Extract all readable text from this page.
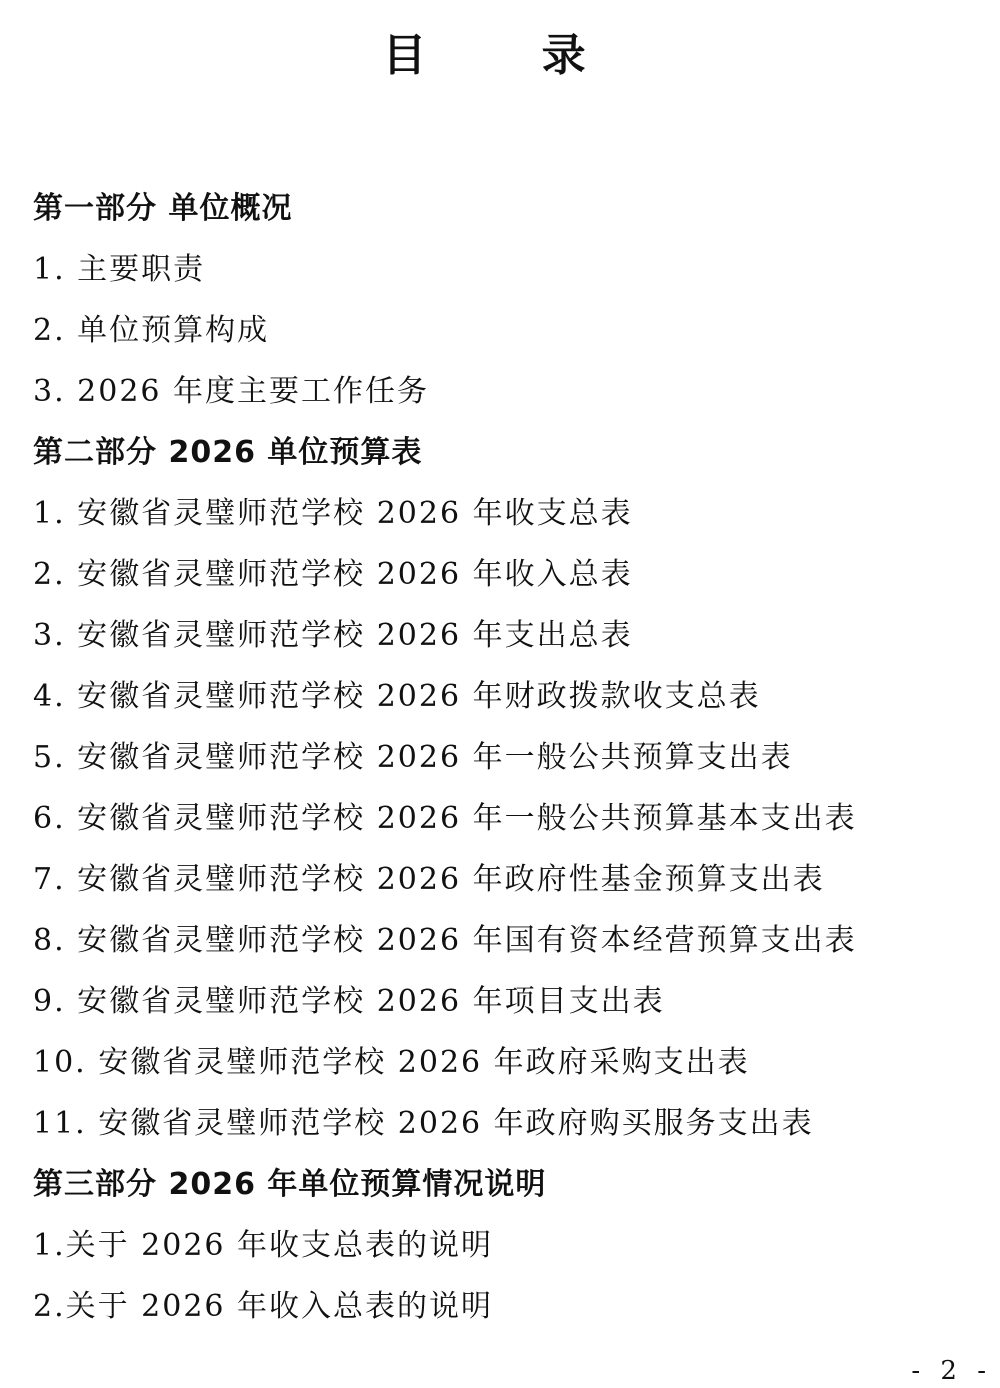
目 录
第一部分 单位概况
1. 主要职责
2. 单位预算构成
3. 2026 年度主要工作任务
第二部分 2026 单位预算表
1. 安徽省灵璧师范学校 2026 年收支总表
2. 安徽省灵璧师范学校 2026 年收入总表
3. 安徽省灵璧师范学校 2026 年支出总表
4. 安徽省灵璧师范学校 2026 年财政拨款收支总表
5. 安徽省灵璧师范学校 2026 年一般公共预算支出表
6. 安徽省灵璧师范学校 2026 年一般公共预算基本支出表
7. 安徽省灵璧师范学校 2026 年政府性基金预算支出表
8. 安徽省灵璧师范学校 2026 年国有资本经营预算支出表
9. 安徽省灵璧师范学校 2026 年项目支出表
10. 安徽省灵璧师范学校 2026 年政府采购支出表
11. 安徽省灵璧师范学校 2026 年政府购买服务支出表
第三部分 2026 年单位预算情况说明
1.关于 2026 年收支总表的说明
2.关于 2026 年收入总表的说明
- 2 -
